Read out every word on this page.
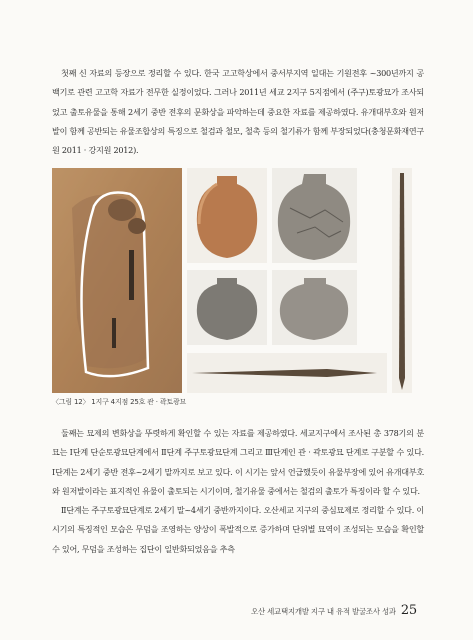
첫째 신 자료의 등장으로 정리할 수 있다. 한국 고고학상에서 중서부지역 일대는 기원전후 ~300년까지 공백기로 관련 고고학 자료가 전무한 실정이었다. 그러나 2011년 세교 2지구 5지점에서 (주구)토광묘가 조사되었고 출토유물을 통해 2세기 중반 전후의 문화상을 파악하는데 중요한 자료를 제공하였다. 유개대부호와 원저발이 함께 공반되는 유물조합상의 특징으로 철검과 철모, 철촉 등의 철기류가 함께 부장되었다(충청문화재연구원 2011 · 강지원 2012).

〈그림 12〉 1지구 4지점 25호 관 · 곽토광묘

둘째는 묘제의 변화상을 뚜렷하게 확인할 수 있는 자료를 제공하였다. 세교지구에서 조사된 총 378기의 분묘는 Ⅰ단계 단순토광묘단계에서 Ⅱ단계 주구토광묘단계 그리고 Ⅲ단계인 관 · 곽토광묘 단계로 구분할 수 있다. Ⅰ단계는 2세기 중반 전후~2세기 말까지로 보고 있다. 이 시기는 앞서 언급했듯이 유물부장에 있어 유개대부호와 원저발이라는 표지적인 유물이 출토되는 시기이며, 철기유물 중에서는 철검의 출토가 특징이라 할 수 있다.

Ⅱ단계는 주구토광묘단계로 2세기 말~4세기 중반까지이다. 오산세교 지구의 중심묘제로 정리할 수 있다. 이 시기의 특징적인 모습은 무덤을 조영하는 양상이 폭발적으로 증가하며 단위별 묘역이 조성되는 모습을 확인할 수 있어, 무덤을 조성하는 집단이 일반화되었음을 추측

오산 세교택지개발 지구 내 유적 발굴조사 성과 25
